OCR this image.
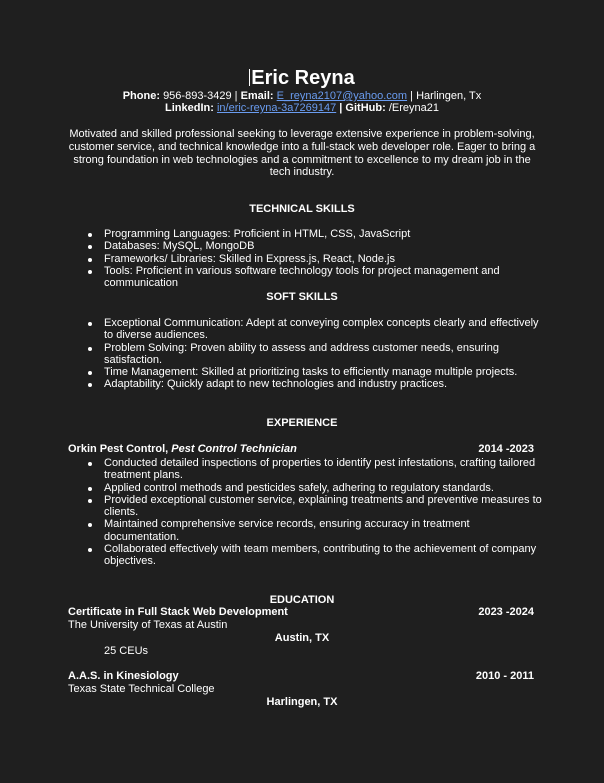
Eric Reyna
Phone: 956-893-3429 | Email: E_reyna2107@yahoo.com | Harlingen, Tx
LinkedIn: in/eric-reyna-3a7269147 | GitHub: /Ereyna21
Motivated and skilled professional seeking to leverage extensive experience in problem-solving, customer service, and technical knowledge into a full-stack web developer role. Eager to bring a strong foundation in web technologies and a commitment to excellence to my dream job in the tech industry.
TECHNICAL SKILLS
Programming Languages: Proficient in HTML, CSS, JavaScript
Databases: MySQL, MongoDB
Frameworks/ Libraries: Skilled in Express.js, React, Node.js
Tools: Proficient in various software technology tools for project management and communication
SOFT SKILLS
Exceptional Communication: Adept at conveying complex concepts clearly and effectively to diverse audiences.
Problem Solving: Proven ability to assess and address customer needs, ensuring satisfaction.
Time Management: Skilled at prioritizing tasks to efficiently manage multiple projects.
Adaptability: Quickly adapt to new technologies and industry practices.
EXPERIENCE
Orkin Pest Control, Pest Control Technician	2014 -2023
Conducted detailed inspections of properties to identify pest infestations, crafting tailored treatment plans.
Applied control methods and pesticides safely, adhering to regulatory standards.
Provided exceptional customer service, explaining treatments and preventive measures to clients.
Maintained comprehensive service records, ensuring accuracy in treatment documentation.
Collaborated effectively with team members, contributing to the achievement of company objectives.
EDUCATION
Certificate in Full Stack Web Development	2023 -2024
The University of Texas at Austin
Austin, TX
25 CEUs
A.A.S. in Kinesiology	2010 - 2011
Texas State Technical College
Harlingen, TX
